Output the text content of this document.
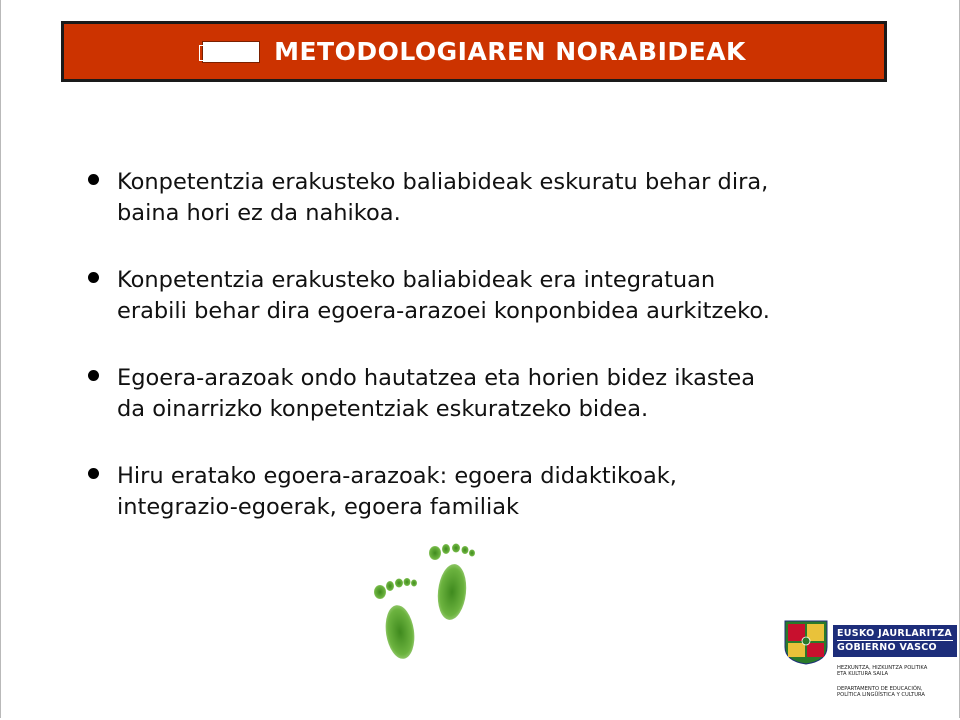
METODOLOGIAREN NORABIDEAK
Konpetentzia erakusteko baliabideak eskuratu behar dira,
baina hori ez da nahikoa.
Konpetentzia erakusteko baliabideak era integratuan
erabili behar dira egoera-arazoei konponbidea aurkitzeko.
Egoera-arazoak ondo hautatzea eta horien bidez ikastea
da oinarrizko konpetentziak eskuratzeko bidea.
Hiru eratako egoera-arazoak: egoera didaktikoak,
integrazio-egoerak, egoera familiak
EUSKO JAURLARITZA
GOBIERNO VASCO
HEZKUNTZA, HIZKUNTZA POLITIKA
ETA KULTURA SAILA
DEPARTAMENTO DE EDUCACIÓN,
POLÍTICA LINGÜÍSTICA Y CULTURA
